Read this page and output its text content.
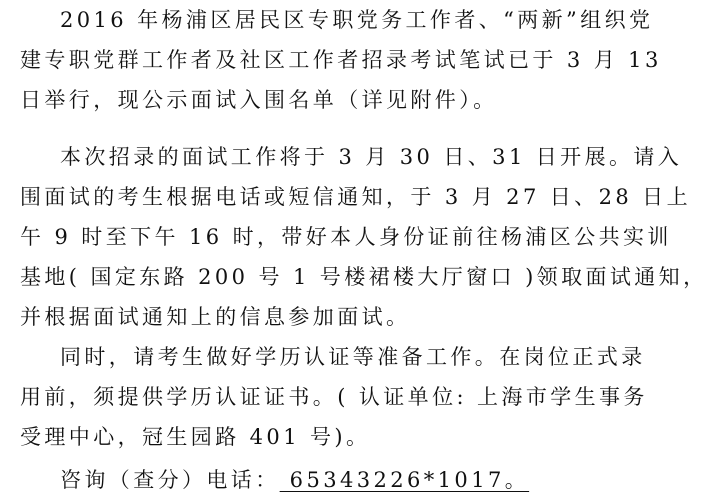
2016 年杨浦区居民区专职党务工作者、“两新”组织党
建专职党群工作者及社区工作者招录考试笔试已于 3 月 13
日举行，现公示面试入围名单（详见附件）。
本次招录的面试工作将于 3 月 30 日、31 日开展。请入
围面试的考生根据电话或短信通知，于 3 月 27 日、28 日上
午 9 时至下午 16 时，带好本人身份证前往杨浦区公共实训
基地( 国定东路 200 号 1 号楼裙楼大厅窗口 )领取面试通知，
并根据面试通知上的信息参加面试。
同时，请考生做好学历认证等准备工作。在岗位正式录
用前，须提供学历认证证书。( 认证单位: 上海市学生事务
受理中心，冠生园路 401 号)。
咨询（查分）电话： 65343226*1017。
